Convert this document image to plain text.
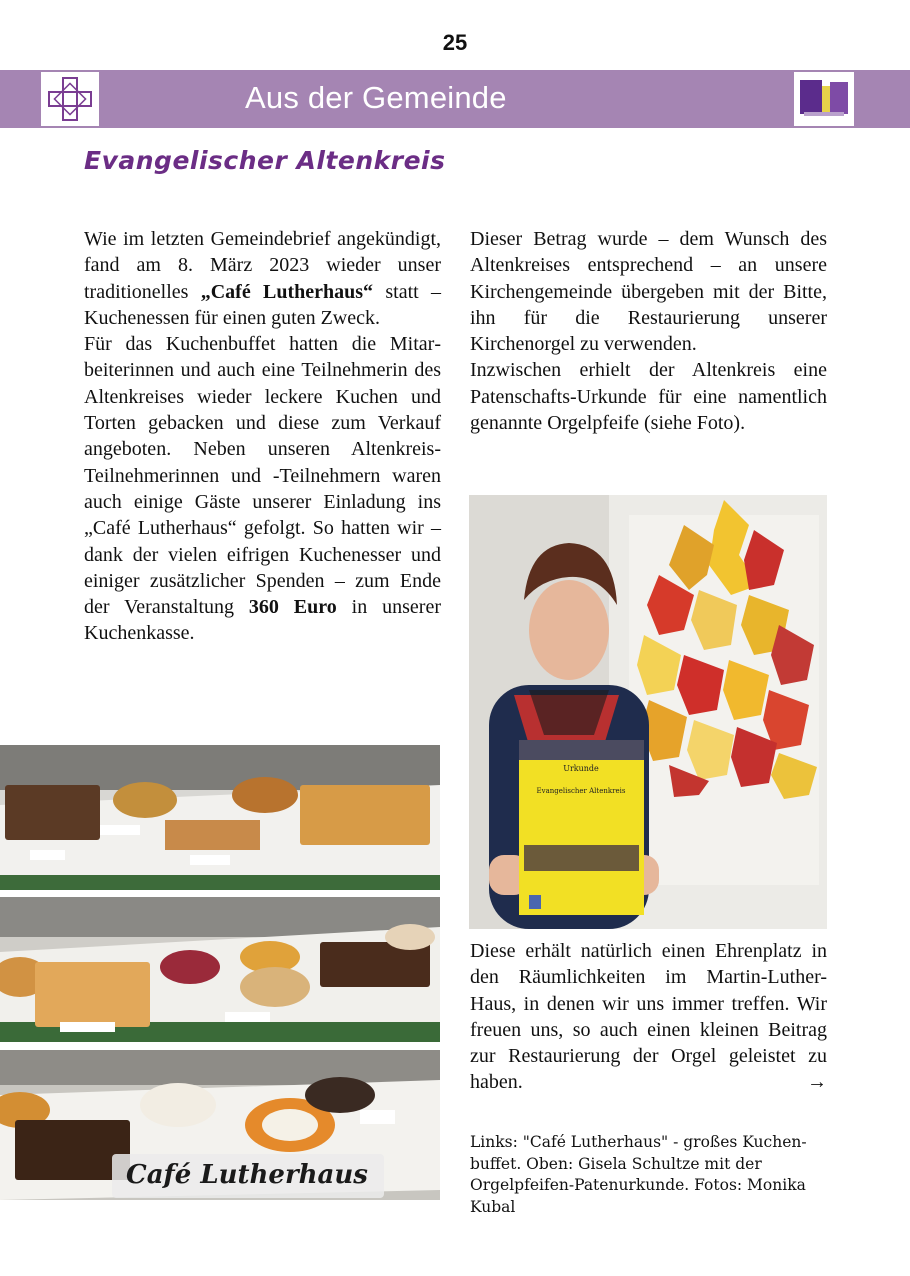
25
Aus der Gemeinde
Evangelischer Altenkreis

Wie im letzten Gemeindebrief angekündigt, fand am 8. März 2023 wieder unser traditionelles „Café Lutherhaus“ statt – Kuchenessen für einen guten Zweck.

Für das Kuchenbuffet hatten die Mitarbeiterinnen und auch eine Teilnehmerin des Altenkreises wieder leckere Kuchen und Torten gebacken und diese zum Verkauf angeboten. Neben unseren Altenkreis-Teilnehmerinnen und -Teilnehmern waren auch einige Gäste unserer Einladung ins „Café Lutherhaus“ gefolgt. So hatten wir – dank der vielen eifrigen Kuchenesser und einiger zusätzlicher Spenden – zum Ende der Veranstaltung 360 Euro in unserer Kuchenkasse.

Dieser Betrag wurde – dem Wunsch des Altenkreises entsprechend – an unsere Kirchengemeinde übergeben mit der Bitte, ihn für die Restaurierung unserer Kirchenorgel zu verwenden.

Inzwischen erhielt der Altenkreis eine Patenschafts-Urkunde für eine namentlich genannte Orgelpfeife (siehe Foto).

Urkunde
Evangelischer Altenkreis
Café Lutherhaus
Diese erhält natürlich einen Ehrenplatz in den Räumlichkeiten im Martin-Luther-Haus, in denen wir uns immer treffen. Wir freuen uns, so auch einen kleinen Beitrag zur Restaurierung der Orgel geleistet zu haben.	→
Links: "Café Lutherhaus" - großes Kuchenbuffet. Oben: Gisela Schultze mit der Orgelpfeifen-Patenurkunde. Fotos: Monika Kubal
